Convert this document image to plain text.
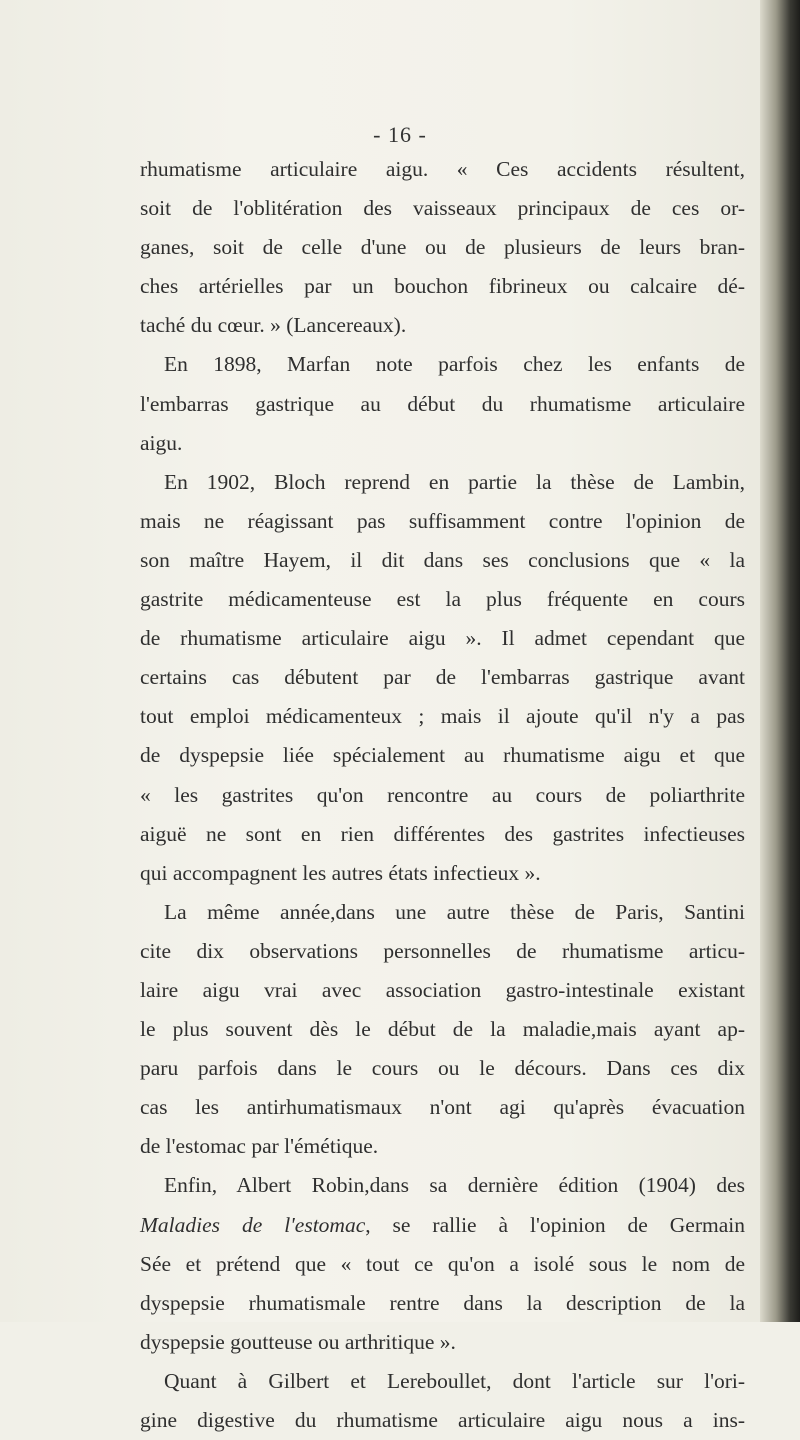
- 16 -
rhumatisme articulaire aigu. « Ces accidents résultent,
soit de l'oblitération des vaisseaux principaux de ces or-
ganes, soit de celle d'une ou de plusieurs de leurs bran-
ches artérielles par un bouchon fibrineux ou calcaire dé-
taché du cœur. » (Lancereaux).
En 1898, Marfan note parfois chez les enfants de
l'embarras gastrique au début du rhumatisme articulaire
aigu.
En 1902, Bloch reprend en partie la thèse de Lambin,
mais ne réagissant pas suffisamment contre l'opinion de
son maître Hayem, il dit dans ses conclusions que « la
gastrite médicamenteuse est la plus fréquente en cours
de rhumatisme articulaire aigu ». Il admet cependant que
certains cas débutent par de l'embarras gastrique avant
tout emploi médicamenteux ; mais il ajoute qu'il n'y a pas
de dyspepsie liée spécialement au rhumatisme aigu et que
« les gastrites qu'on rencontre au cours de poliarthrite
aiguë ne sont en rien différentes des gastrites infectieuses
qui accompagnent les autres états infectieux ».
La même année,dans une autre thèse de Paris, Santini
cite dix observations personnelles de rhumatisme articu-
laire aigu vrai avec association gastro-intestinale existant
le plus souvent dès le début de la maladie,mais ayant ap-
paru parfois dans le cours ou le décours. Dans ces dix
cas les antirhumatismaux n'ont agi qu'après évacuation
de l'estomac par l'émétique.
Enfin, Albert Robin,dans sa dernière édition (1904) des
Maladies de l'estomac, se rallie à l'opinion de Germain
Sée et prétend que « tout ce qu'on a isolé sous le nom de
dyspepsie rhumatismale rentre dans la description de la
dyspepsie goutteuse ou arthritique ».
Quant à Gilbert et Lereboullet, dont l'article sur l'ori-
gine digestive du rhumatisme articulaire aigu nous a ins-
